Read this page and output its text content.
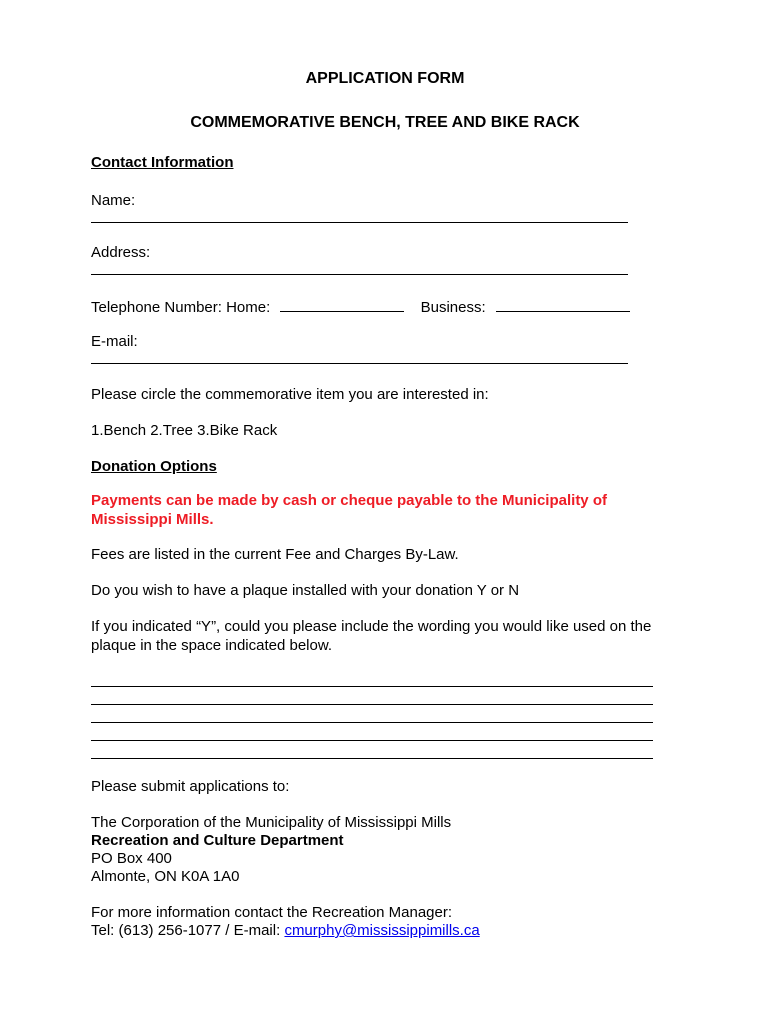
APPLICATION FORM

COMMEMORATIVE BENCH, TREE AND BIKE RACK

Contact Information

Name:

Address:

Telephone Number: Home:	Business:

E-mail:

Please circle the commemorative item you are interested in:

1.Bench 2.Tree 3.Bike Rack

Donation Options

Payments can be made by cash or cheque payable to the Municipality of

Mississippi Mills.

Fees are listed in the current Fee and Charges By-Law.

Do you wish to have a plaque installed with your donation Y or N

If you indicated “Y”, could you please include the wording you would like used on the

plaque in the space indicated below.

Please submit applications to:

The Corporation of the Municipality of Mississippi Mills

Recreation and Culture Department

PO Box 400

Almonte, ON K0A 1A0

For more information contact the Recreation Manager:

Tel: (613) 256-1077 / E-mail: cmurphy@mississippimills.ca
